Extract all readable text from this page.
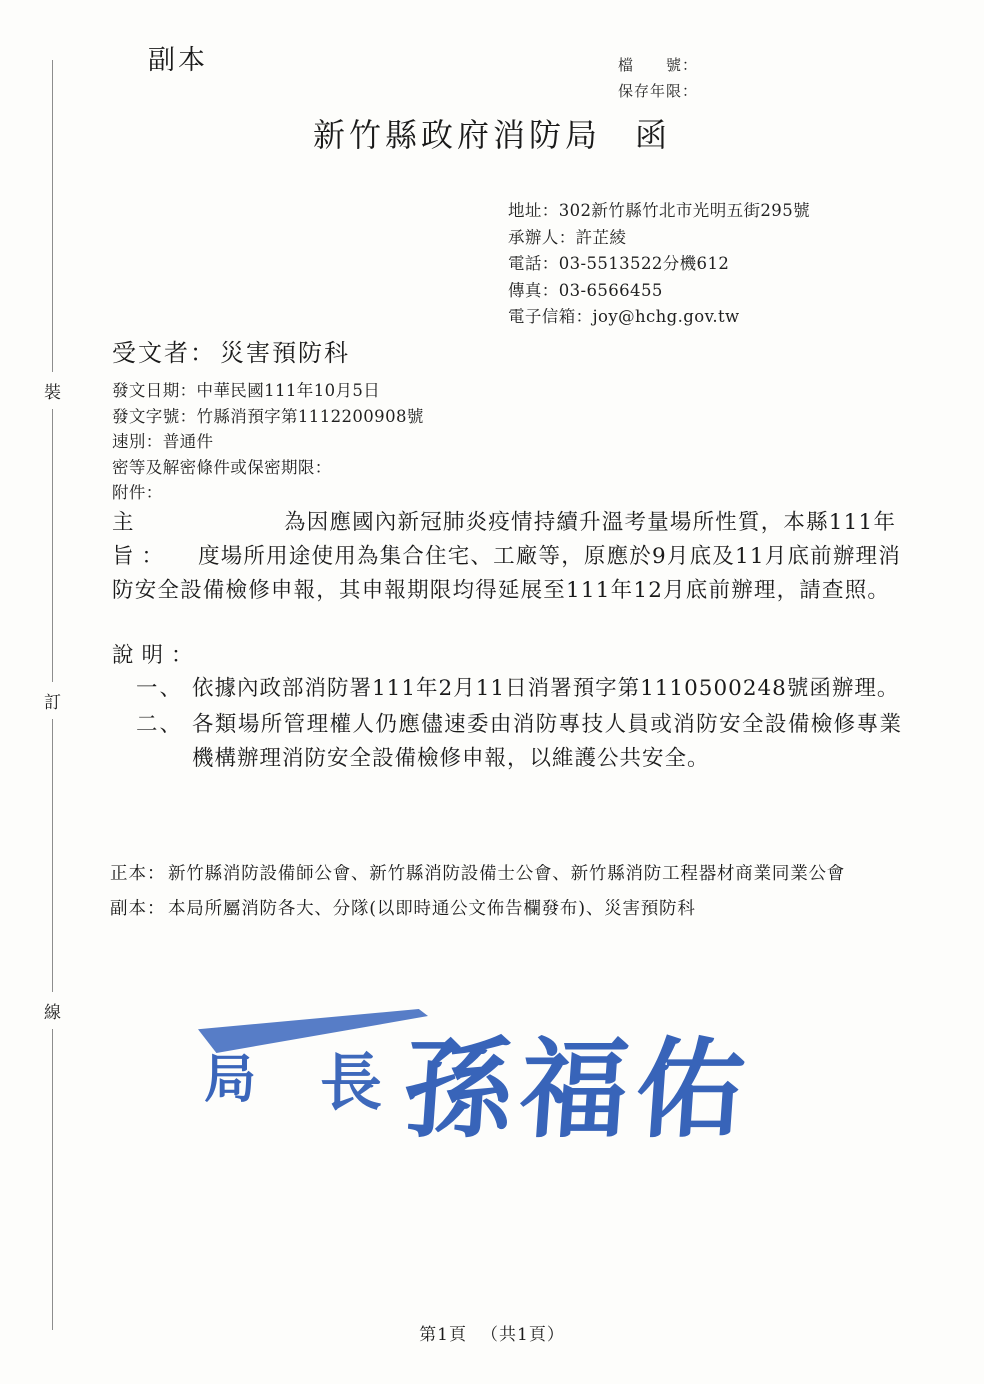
裝
訂
線
副本	檔　　號：
保存年限：
新竹縣政府消防局 函
地址：302新竹縣竹北市光明五街295號
承辦人：許芷綾
電話：03-5513522分機612
傳真：03-6566455
電子信箱：joy@hchg.gov.tw
受文者： 災害預防科
發文日期：中華民國111年10月5日
發文字號：竹縣消預字第1112200908號
速別：普通件
密等及解密條件或保密期限：
附件：
主旨：
為因應國內新冠肺炎疫情持續升溫考量場所性質，本縣111年度場所用途使用為集合住宅、工廠等，原應於9月底及11月底前辦理消防安全設備檢修申報，其申報期限均得延展至111年12月底前辦理，請查照。
說明：
一、 依據內政部消防署111年2月11日消署預字第1110500248號函辦理。
二、 各類場所管理權人仍應儘速委由消防專技人員或消防安全設備檢修專業機構辦理消防安全設備檢修申報，以維護公共安全。
正本： 新竹縣消防設備師公會、新竹縣消防設備士公會、新竹縣消防工程器材商業同業公會
副本： 本局所屬消防各大、分隊(以即時通公文佈告欄發布)、災害預防科
局 長 孫福佑
第1頁 （共1頁）
